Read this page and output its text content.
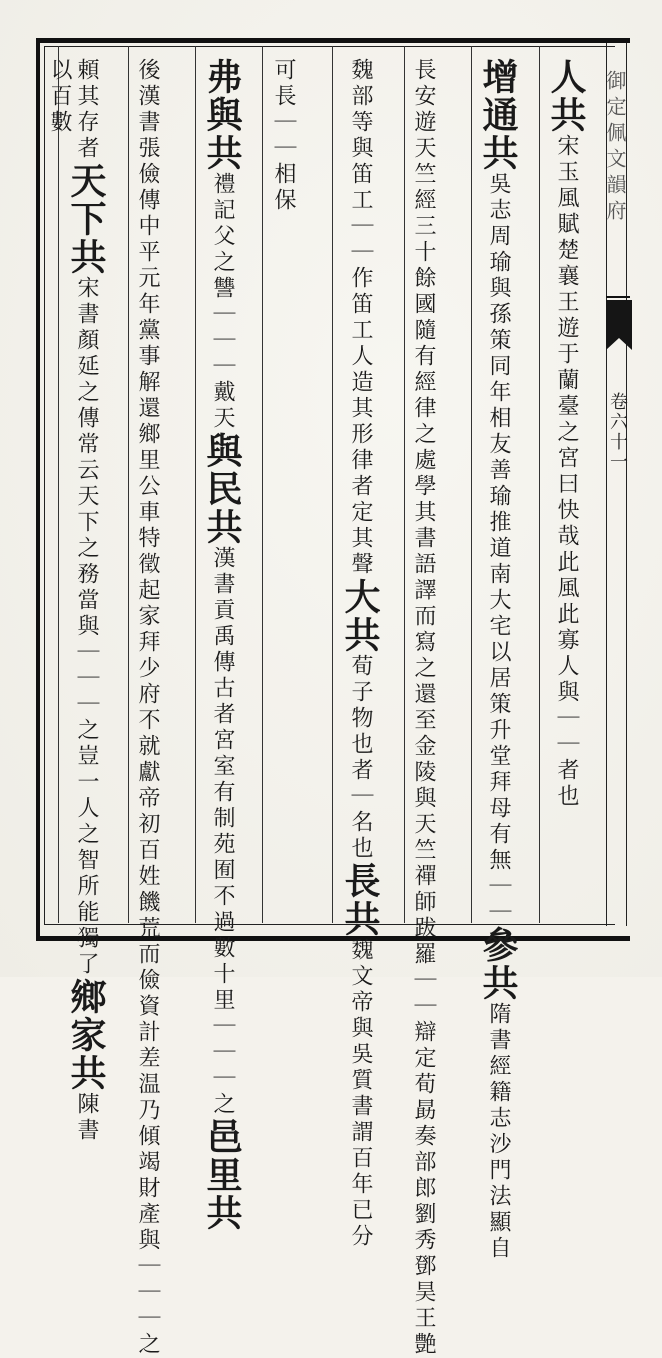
御定佩文韻府
卷六十一
人共宋玉風賦楚襄王遊于蘭臺之宮曰快哉此風此寡人與｜｜者也
增通共吳志周瑜與孫策同年相友善瑜推道南大宅以居策升堂拜母有無｜｜參共隋書經籍志沙門法顯自
長安遊天竺經三十餘國隨有經律之處學其書語譯而寫之還至金陵與天竺禪師跋羅｜｜辯定荀勗奏部郎劉秀鄧昊王艶
魏部等與笛工｜｜作笛工人造其形律者定其聲大共荀子物也者｜名也長共魏文帝與吳質書謂百年已分
可長｜｜相保
弗與共禮記父之讐｜｜｜戴天與民共漢書貢禹傳古者宮室有制苑囿不過數十里｜｜｜之邑里共
後漢書張儉傳中平元年黨事解還鄉里公車特徵起家拜少府不就獻帝初百姓饑荒而儉資計差温乃傾竭財產與｜｜｜之
頼其存者天下共宋書顏延之傳常云天下之務當與｜｜｜之豈一人之智所能獨了鄉家共陳書
以百數
